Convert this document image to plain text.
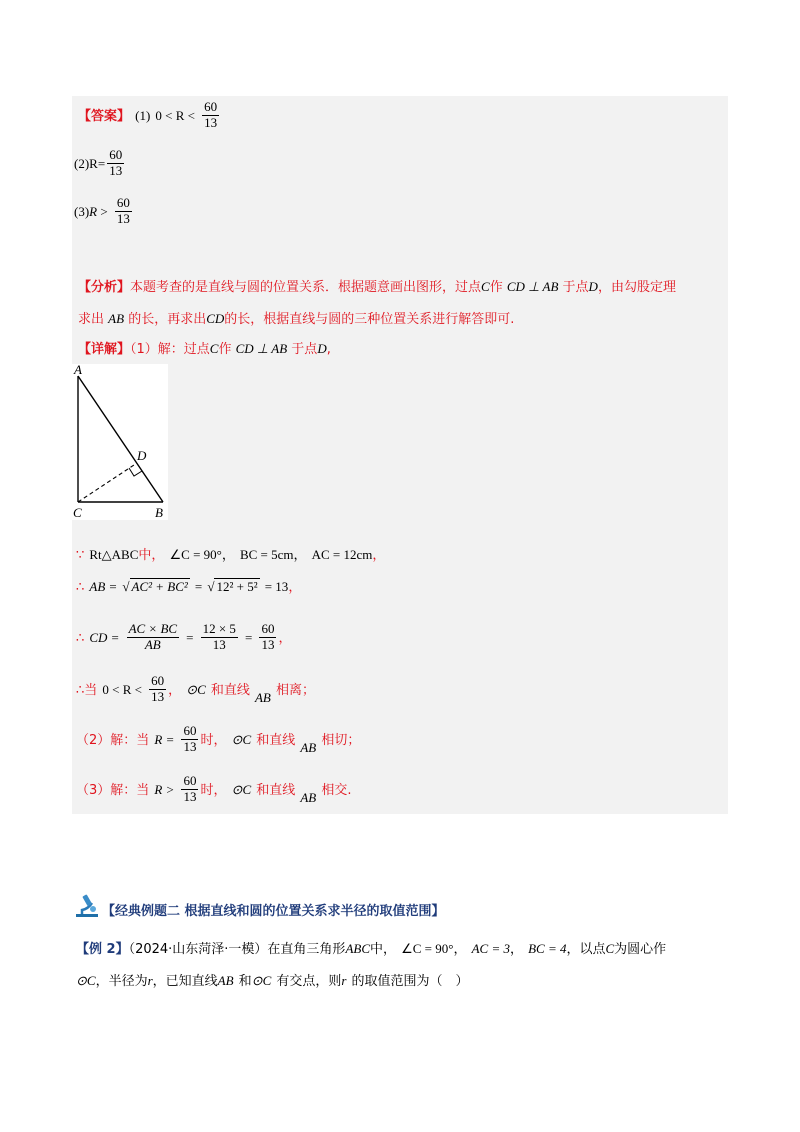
【答案】 (1) $0 < R < \frac{60}{13}$
$(2)R= \frac{60}{13}$
$(3)R > \frac{60}{13}$
【分析】本题考查的是直线与圆的位置关系．根据题意画出图形，过点C作 CD ⊥ AB 于点D，由勾股定理
求出 AB 的长，再求出CD的长，根据直线与圆的三种位置关系进行解答即可.
【详解】（1）解：过点C作 CD ⊥ AB 于点D,
A
D
C	B
∵ Rt△ABC中， ∠C = 90°， BC = 5cm， AC = 12cm，
∴ AB = √ AC² + BC² = √ 12² + 5² = 13，
∴ CD = $\frac{AC \times BC}{AB} = \frac{12 \times 5}{13} = \frac{60}{13}$ ，
∴当 $0 < R < \frac{60}{13}$ ， ⊙C 和直线 $_{AB}$ 相离；
（2）解：当 $R = \frac{60}{13}$ 时， ⊙C 和直线 $_{AB}$ 相切；
（3）解：当 $R > \frac{60}{13}$ 时， ⊙C 和直线 $_{AB}$ 相交.
【经典例题二 根据直线和圆的位置关系求半径的取值范围】
【例 2】（2024·山东菏泽·一模）在直角三角形ABC中， ∠C = 90°， AC = 3， BC = 4，以点C为圆心作
⊙C，半径为r，已知直线AB 和⊙C 有交点，则r 的取值范围为（　）
